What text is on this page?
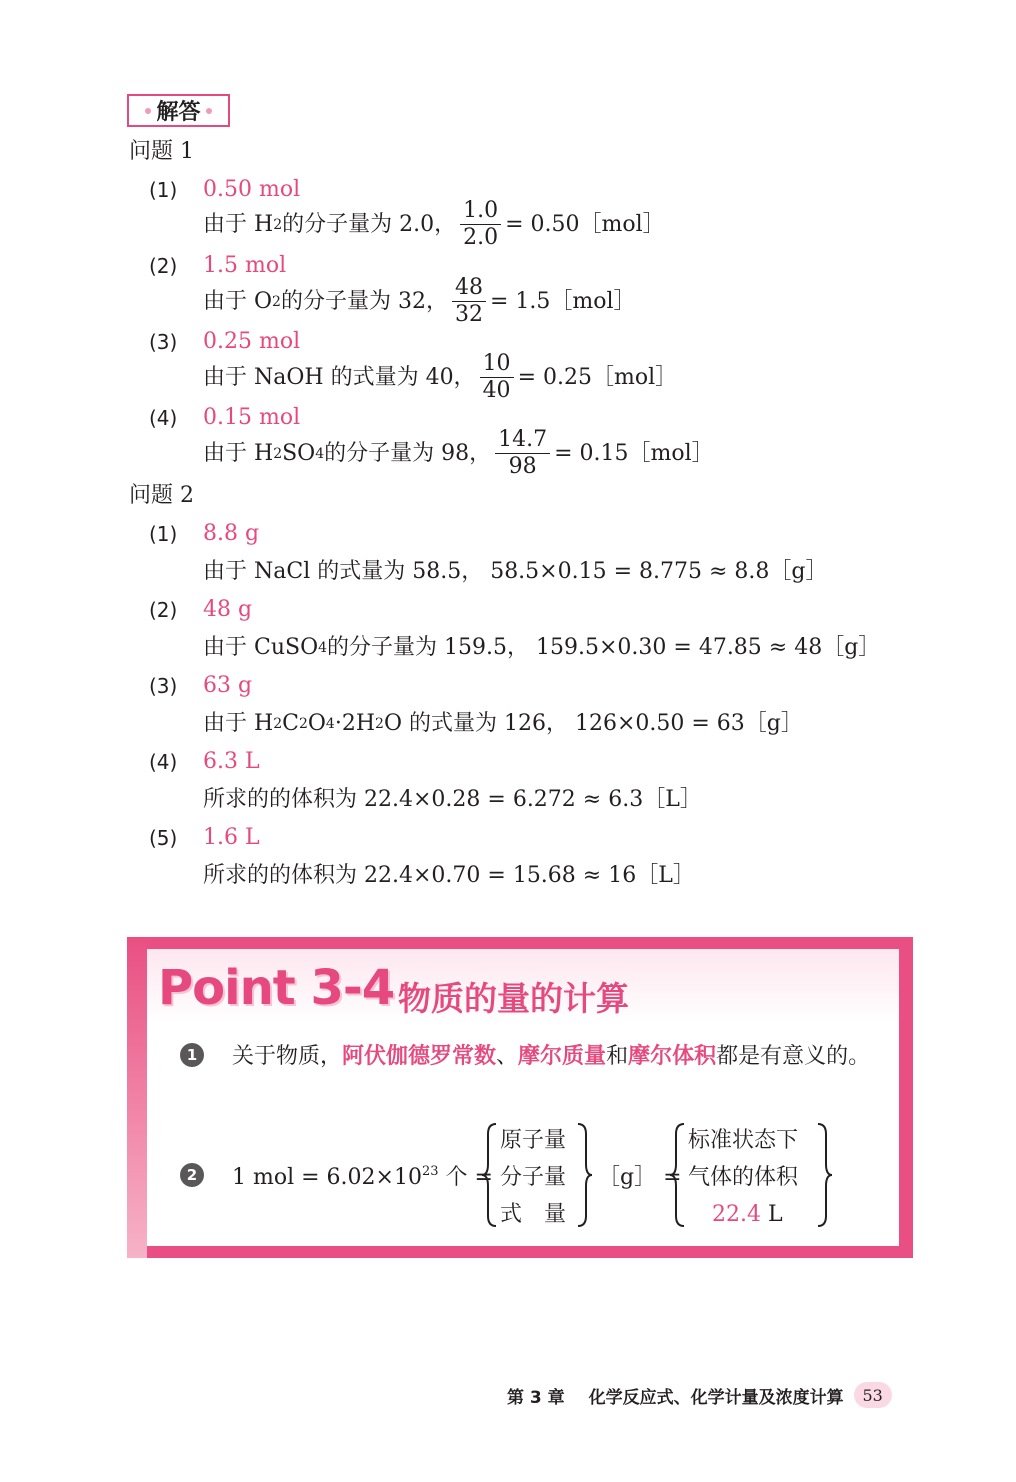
解答
问题 1
(1) 0.50 mol
由于 H 2 的分子量为 2.0， $\frac{1.0}{2.0}$ = 0.50［mol］
(2) 1.5 mol
由于 O 2 的分子量为 32， $\frac{48}{32}$ = 1.5［mol］
(3) 0.25 mol
由于 NaOH 的式量为 40， $\frac{10}{40}$ = 0.25［mol］
(4) 0.15 mol
由于 H 2 SO 4 的分子量为 98， $\frac{14.7}{98}$ = 0.15［mol］
问题 2
(1) 8.8 g
由于 NaCl 的式量为 58.5， 58.5×0.15 = 8.775 ≈ 8.8［g］
(2) 48 g
由于 CuSO 4 的分子量为 159.5， 159.5×0.30 = 47.85 ≈ 48［g］
(3) 63 g
由于 H 2 C 2 O 4 ·2H 2 O 的式量为 126， 126×0.50 = 63［g］
(4) 6.3 L
所求的的体积为 22.4×0.28 = 6.272 ≈ 6.3［L］
(5) 1.6 L
所求的的体积为 22.4×0.70 = 15.68 ≈ 16［L］
Point 3-4 物质的量的计算
1	关于物质，阿伏伽德罗常数、摩尔质量和摩尔体积都是有意义的。
2	1 mol = $6.02\times 10^{23}$ 个 =
原子量
分子量
式　量
［g］ =
标准状态下
气体的体积
22.4 L
第 3 章 化学反应式、化学计量及浓度计算	53
